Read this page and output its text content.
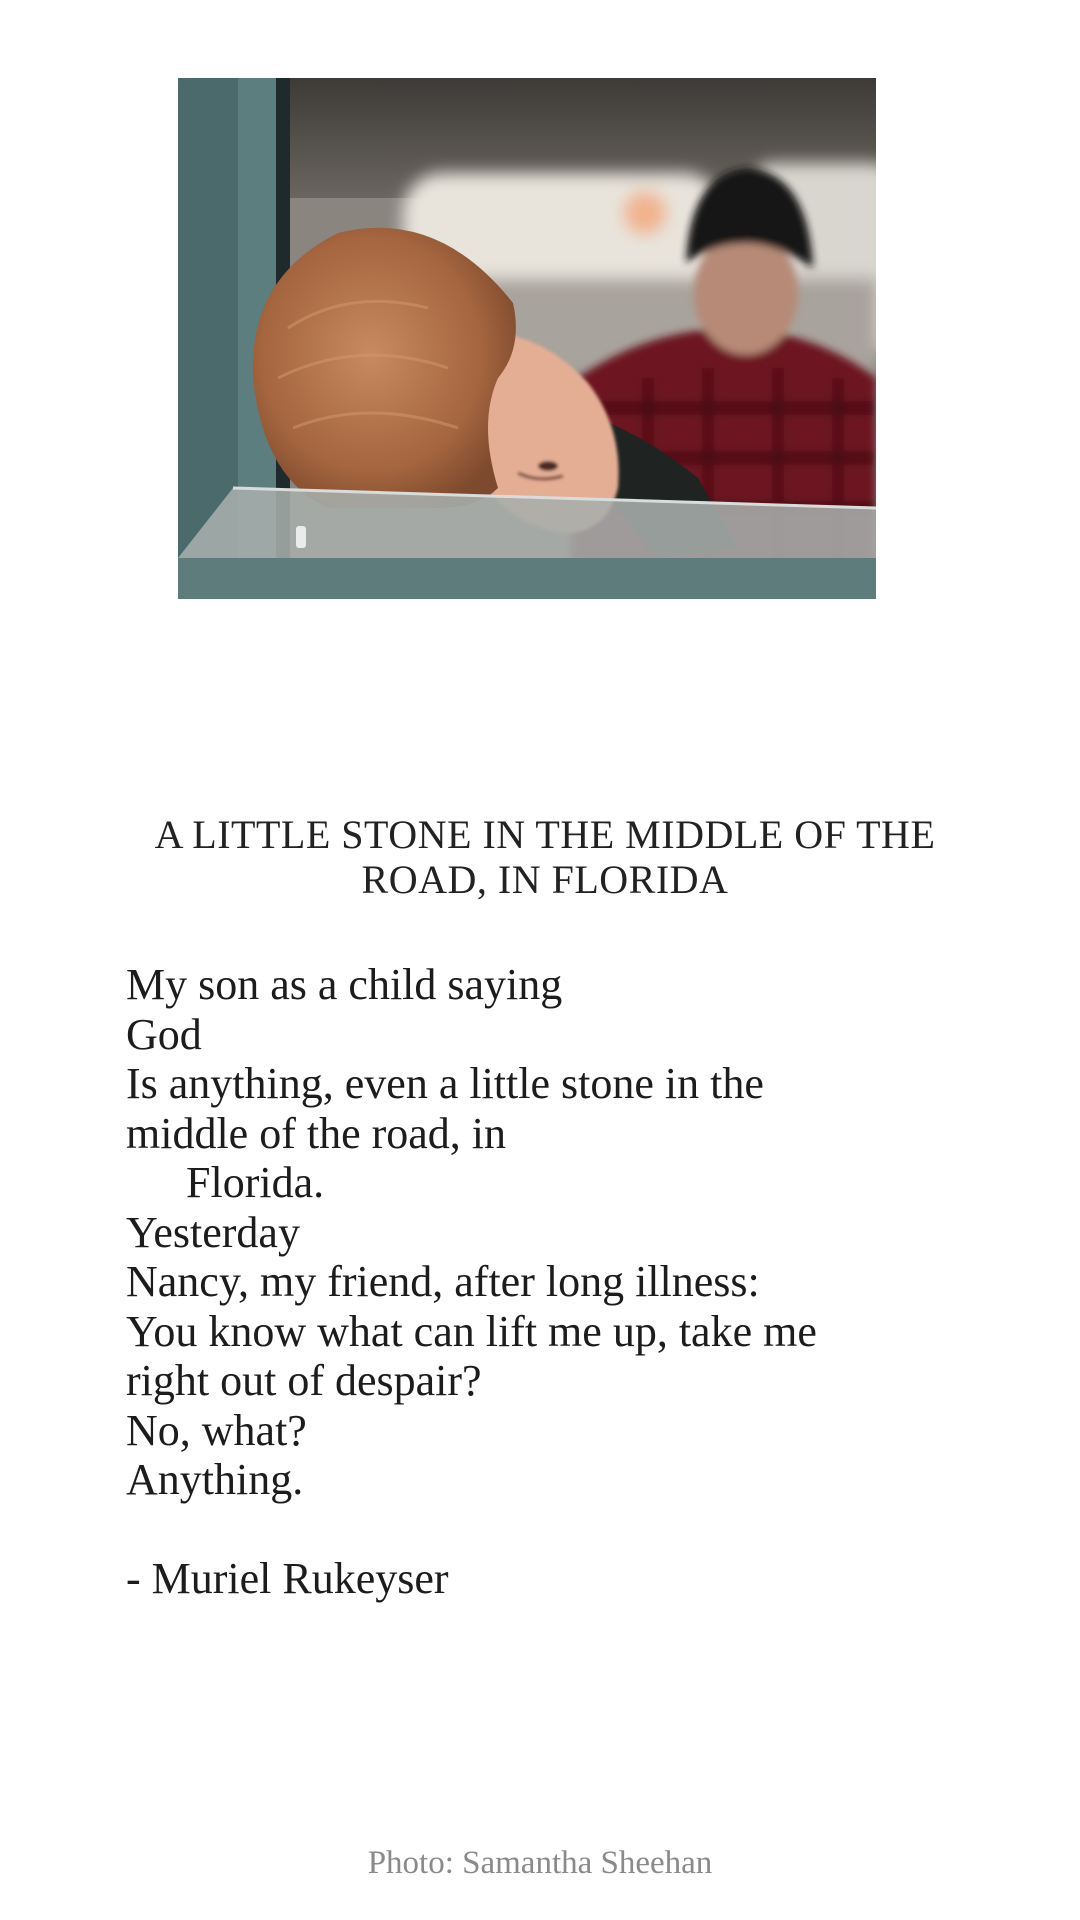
A LITTLE STONE IN THE MIDDLE OF THE ROAD, IN FLORIDA
My son as a child saying
God
Is anything, even a little stone in the
middle of the road, in
Florida.
Yesterday
Nancy, my friend, after long illness:
You know what can lift me up, take me
right out of despair?
No, what?
Anything.
- Muriel Rukeyser
Photo: Samantha Sheehan
